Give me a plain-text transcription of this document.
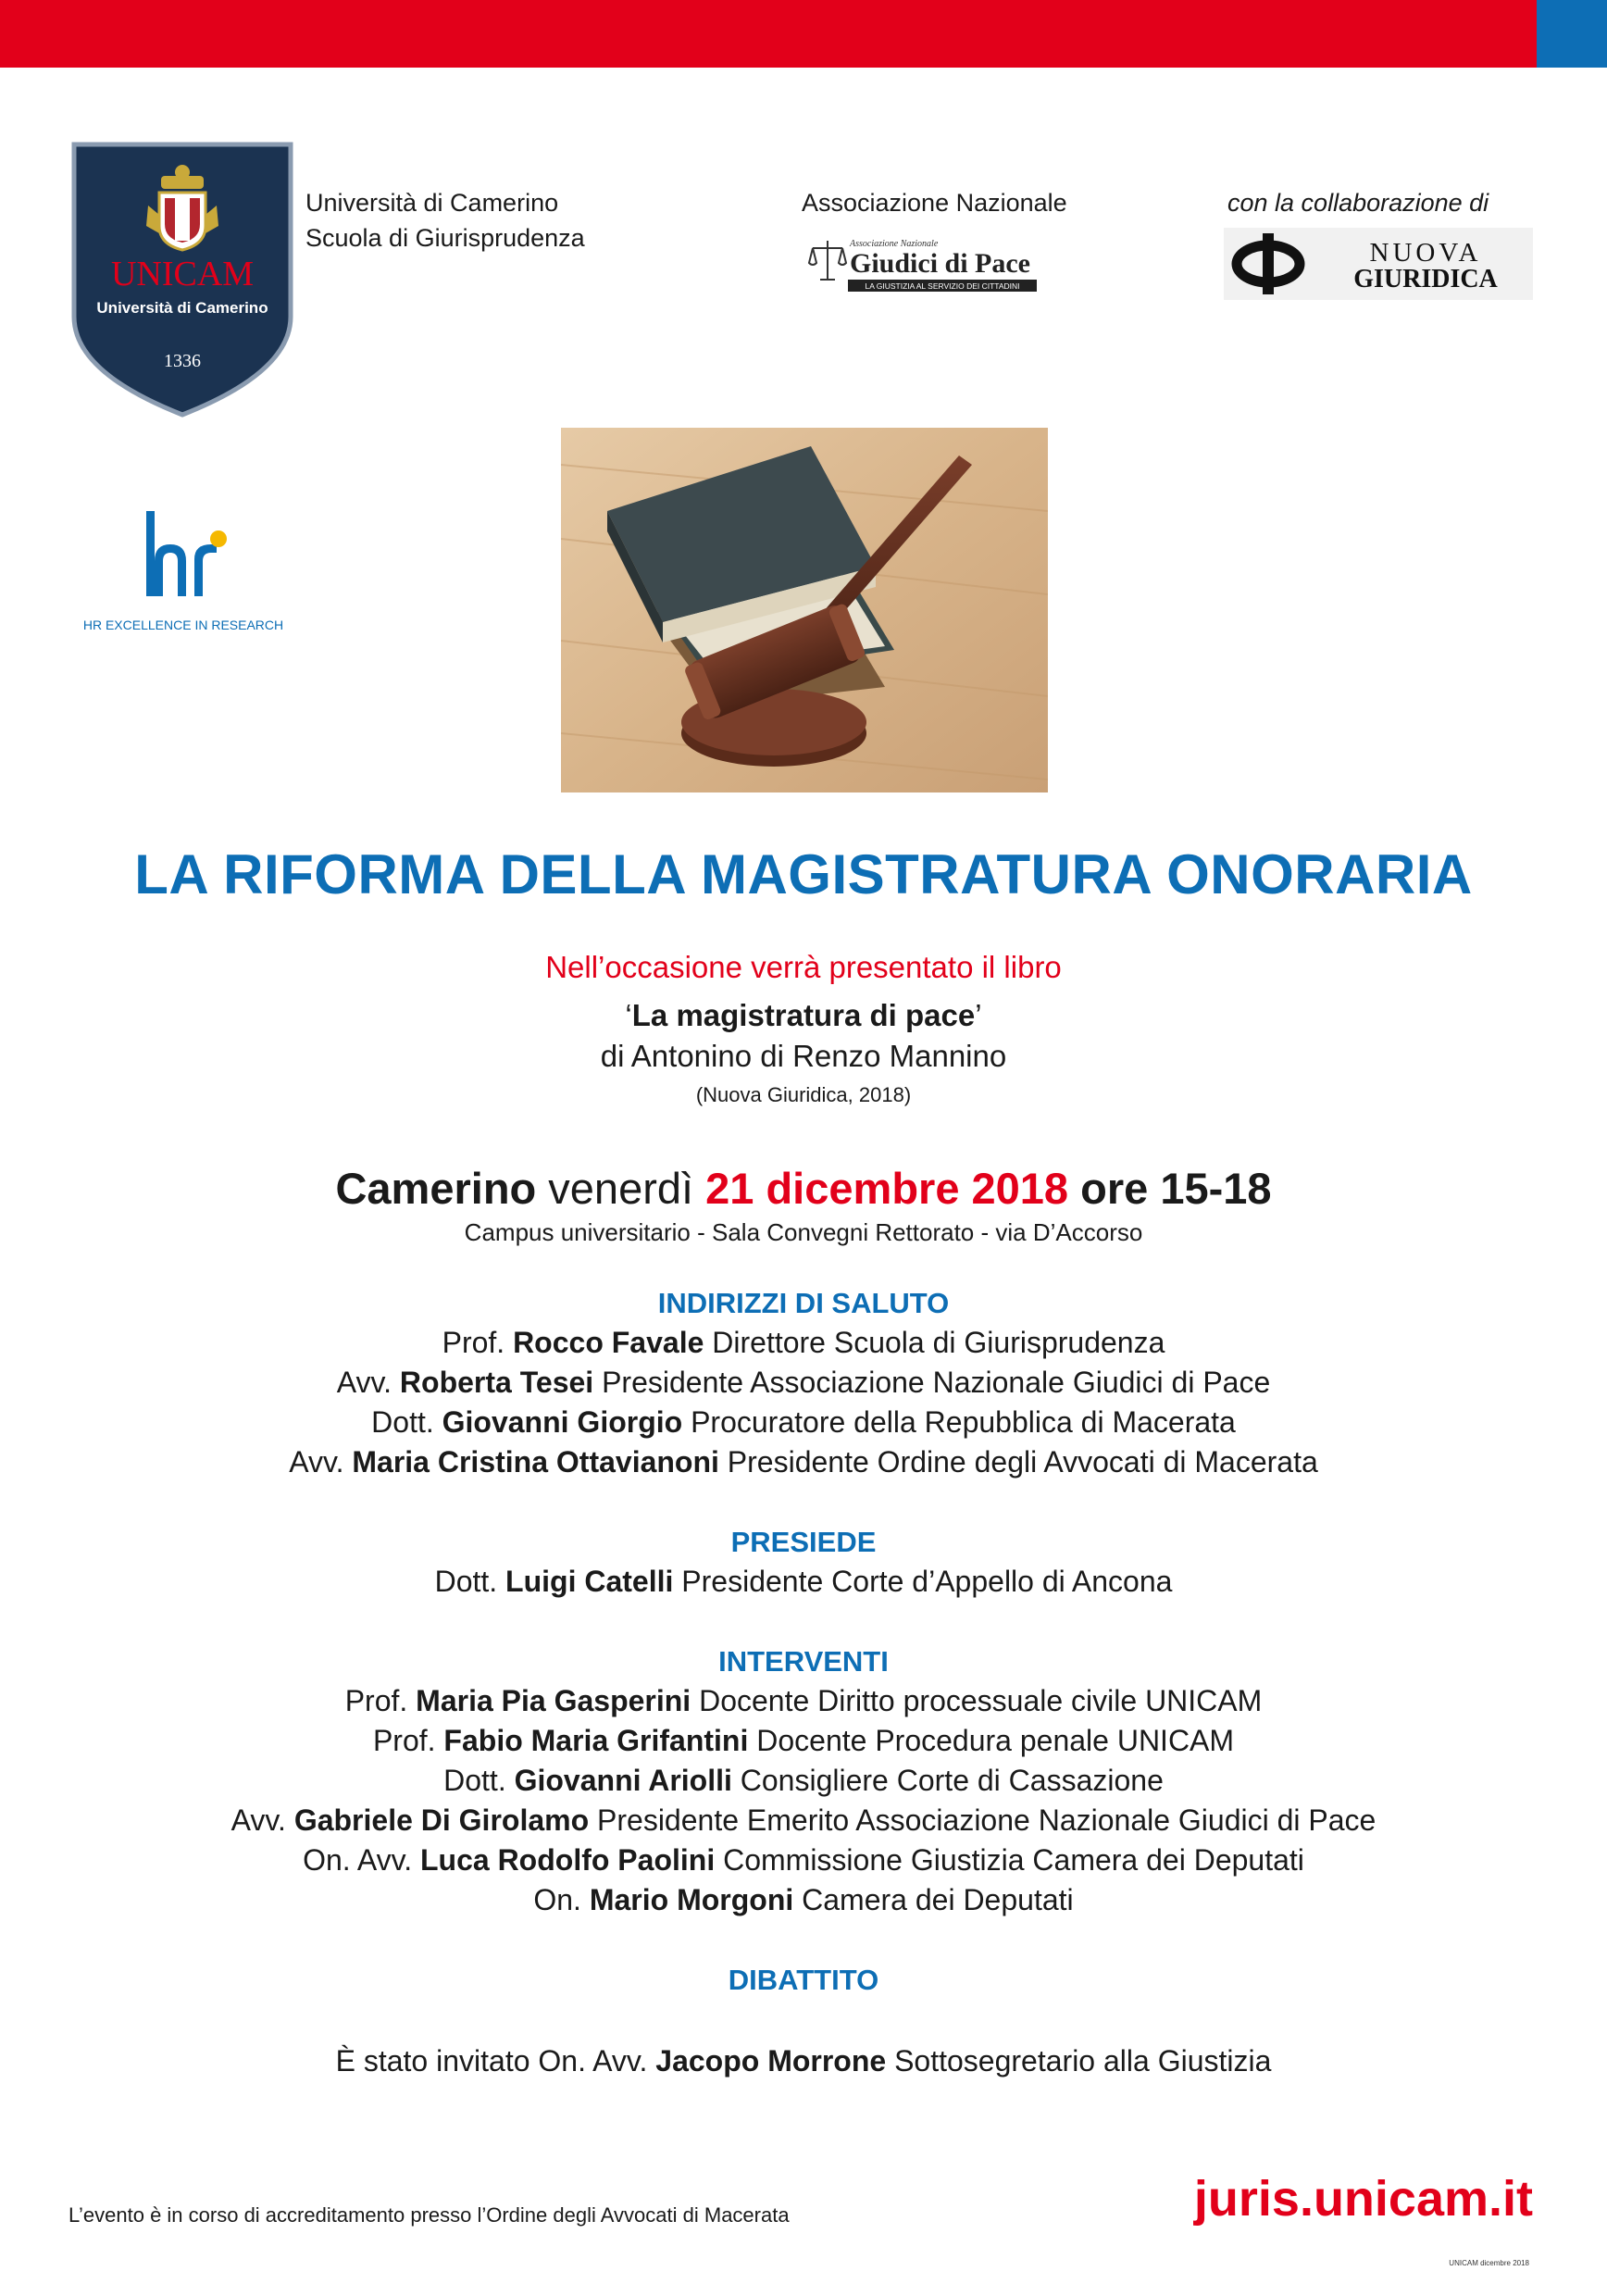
UNICAM
Università di Camerino
1336
Università di Camerino
Scuola di Giurisprudenza
Associazione Nazionale
Associazione Nazionale
Giudici di Pace
LA GIUSTIZIA AL SERVIZIO DEI CITTADINI
con la collaborazione di
NUOVA
GIURIDICA
HR EXCELLENCE IN RESEARCH
LA RIFORMA DELLA MAGISTRATURA ONORARIA
Nell’occasione verrà presentato il libro
‘La magistratura di pace’
di Antonino di Renzo Mannino
(Nuova Giuridica, 2018)
Camerino venerdì 21 dicembre 2018 ore 15-18
Campus universitario - Sala Convegni Rettorato - via D’Accorso
INDIRIZZI DI SALUTO
Prof. Rocco Favale Direttore Scuola di Giurisprudenza
Avv. Roberta Tesei Presidente Associazione Nazionale Giudici di Pace
Dott. Giovanni Giorgio Procuratore della Repubblica di Macerata
Avv. Maria Cristina Ottavianoni Presidente Ordine degli Avvocati di Macerata
PRESIEDE
Dott. Luigi Catelli Presidente Corte d’Appello di Ancona
INTERVENTI
Prof. Maria Pia Gasperini Docente Diritto processuale civile UNICAM
Prof. Fabio Maria Grifantini Docente Procedura penale UNICAM
Dott. Giovanni Ariolli Consigliere Corte di Cassazione
Avv. Gabriele Di Girolamo Presidente Emerito Associazione Nazionale Giudici di Pace
On. Avv. Luca Rodolfo Paolini Commissione Giustizia Camera dei Deputati
On. Mario Morgoni Camera dei Deputati
DIBATTITO
È stato invitato On. Avv. Jacopo Morrone Sottosegretario alla Giustizia
L’evento è in corso di accreditamento presso l’Ordine degli Avvocati di Macerata	juris.unicam.it
UNICAM dicembre 2018
